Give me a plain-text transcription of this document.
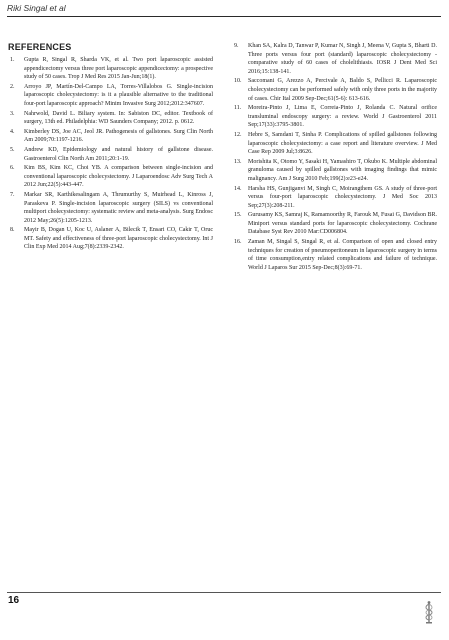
Riki Singal et al
REFERENCES
1. Gupta R, Singal R, Sharda VK, et al. Two port laparoscopic assisted appendicectomy versus three port laparoscopic appendicectomy: a prospective study of 50 cases. Trop J Med Res 2015 Jan-Jun;18(1).
2. Arroyo JP, Martín-Del-Campo LA, Torres-Villalobos G. Single-incision laparoscopic cholecystectomy: is it a plausible alternative to the traditional four-port laparoscopic approach? Minim Invasive Surg 2012;2012:347607.
3. Nahrwold, David L. Biliary system. In: Sabiston DC, editor. Textbook of surgery, 13th ed. Philadelphia: WD Saunders Company; 2012. p. 0612.
4. Kimberley DS, Joe AC, Jeol JR. Pathogenesis of gallstones. Surg Clin North Am 2009;70:1197-1216.
5. Andrew KD, Epidemiology and natural history of gallstone disease. Gastroenterol Clin North Am 2011;20:1-19.
6. Kim BS, Kim KC, Choi YB. A comparison between single-incision and conventional laparoscopic cholecystectomy. J Laparoendosc Adv Surg Tech A 2012 Jun;22(5):443-447.
7. Markar SR, Karthikesalingam A, Thrumurthy S, Muirhead L, Kinross J, Paraskeva P. Single-incision laparoscopic surgery (SILS) vs conventional multiport cholecystectomy: systematic review and meta-analysis. Surg Endosc 2012 May;26(5):1205-1213.
8. Mayir B, Dogan U, Koc U, Aslaner A, Bilecik T, Ensari CO, Cakir T, Oruc MT. Safety and effectiveness of three-port laparoscopic cholecystectomy. Int J Clin Exp Med 2014 Aug;7(8):2339-2342.
9. Khan SA, Kalra D, Tanwar P, Kumar N, Singh J, Meena V, Gupta S, Bharti D. Three ports versus four port (standard) laparoscopic cholecystectomy - comparative study of 60 cases of cholelithiasis. IOSR J Dent Med Sci 2016;15:138-141.
10. Saccomani G, Arezzo A, Percivale A, Baldo S, Pellicci R. Laparoscopic cholecystectomy can be performed safely with only three ports in the majority of cases. Chir Ital 2009 Sep-Dec;61(5-6): 613-616.
11. Moreira-Pinto J, Lima E, Correia-Pinto J, Rolanda C. Natural orifice transluminal endoscopy surgery: a review. World J Gastroenterol 2011 Sep;17(33):3795-3801.
12. Hebre S, Samdani T, Sinha P. Complications of spilled gallstones following laparoscopic cholecystectomy: a case report and literature overview. J Med Case Rep 2009 Jul;3:8626.
13. Morishita K, Otomo Y, Sasaki H, Yamashiro T, Okubo K. Multiple abdominal granuloma caused by spilled gallstones with imaging findings that mimic malignancy. Am J Surg 2010 Feb;199(2):e23-e24.
14. Harsha HS, Gunjiganvi M, Singh C, Moirangthem GS. A study of three-port versus four-port laparoscopic cholecystectomy. J Med Soc 2013 Sep;27(3):208-211.
15. Gurusamy KS, Samraj K, Ramamoorthy R, Farouk M, Fusai G, Davidson BR. Miniport versus standard ports for laparoscopic cholecystectomy. Cochrane Database Syst Rev 2010 Mar:CD006804.
16. Zaman M, Singal S, Singal R, et al. Comparison of open and closed entry techniques for creation of pneumoperitoneum in laparoscopic surgery in terms of time consumption,entry related complications and failure of technique. World J Laparos Sur 2015 Sep-Dec;8(3):69-71.
16
